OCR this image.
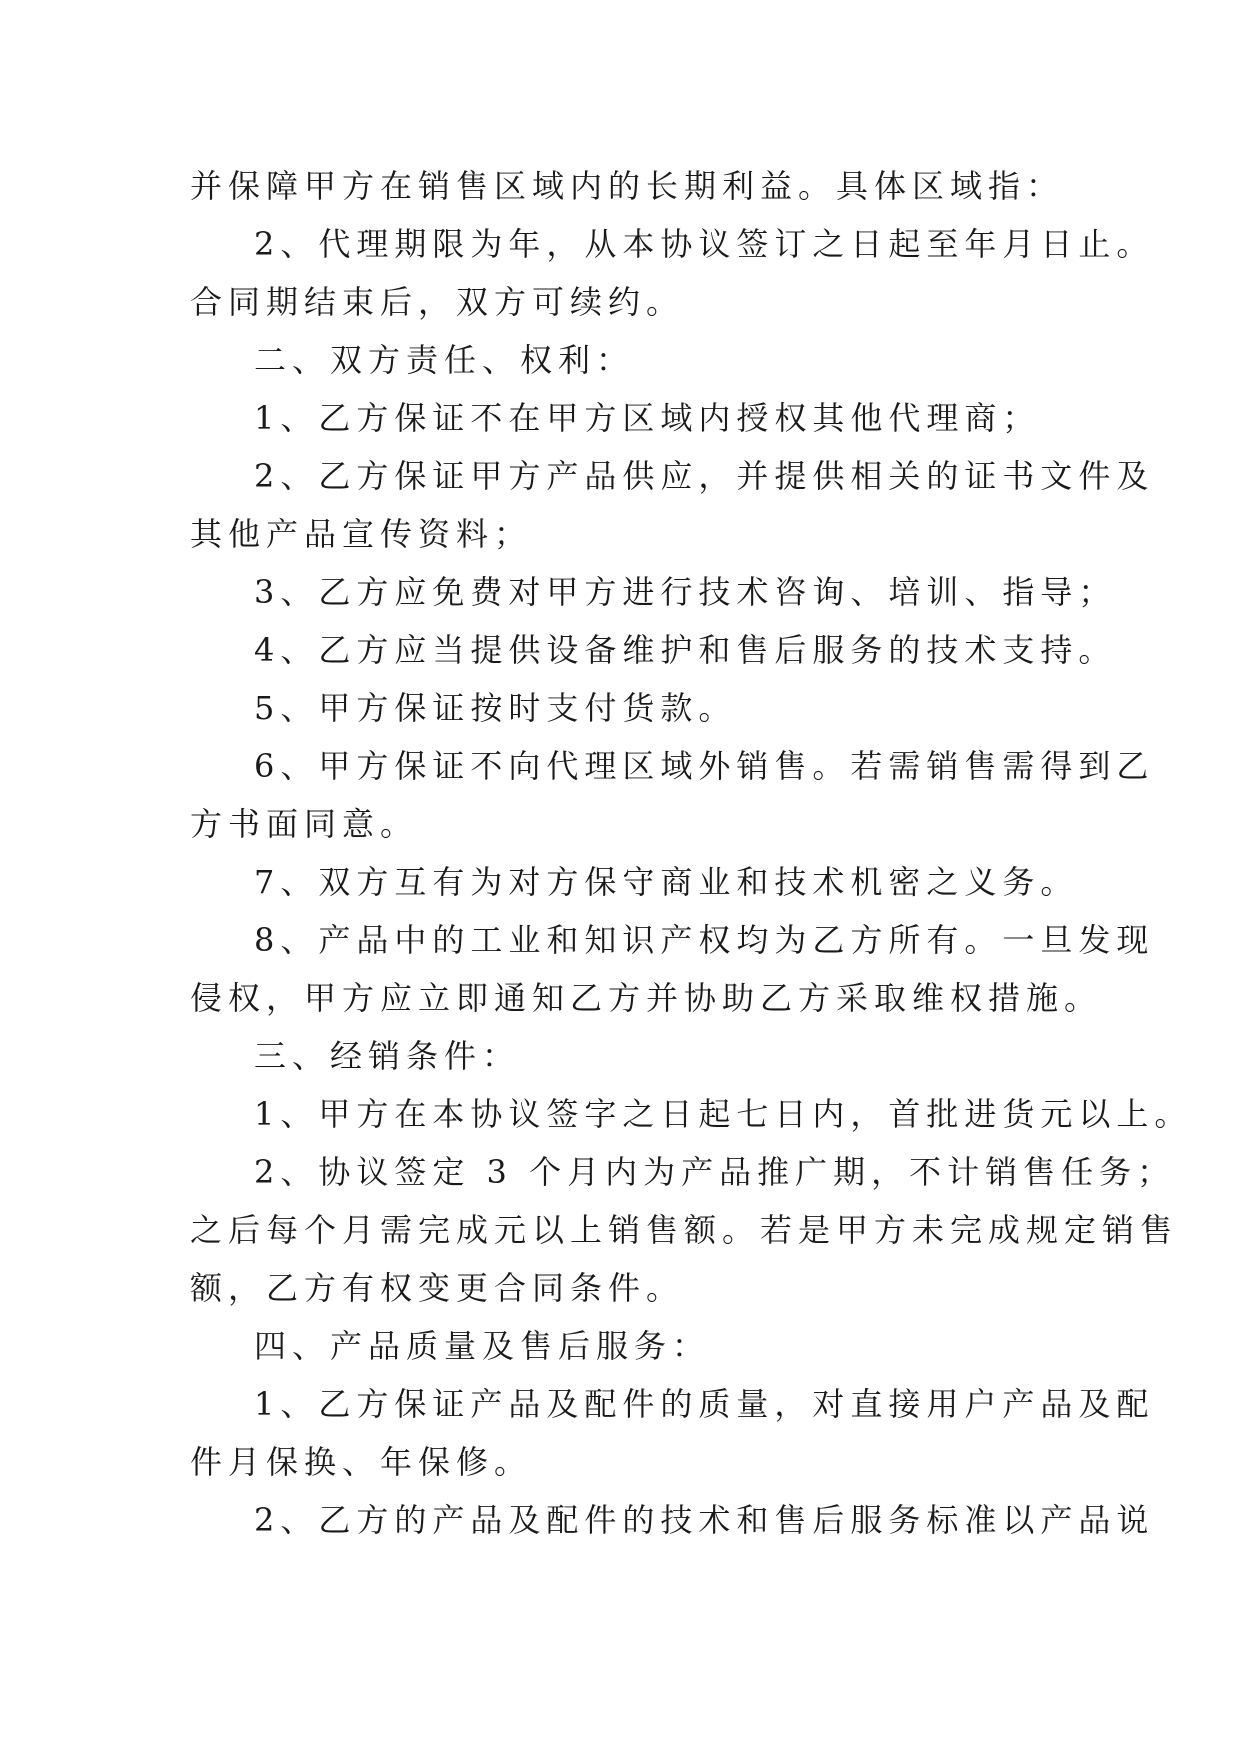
并保障甲方在销售区域内的长期利益。具体区域指：
2、代理期限为年，从本协议签订之日起至年月日止。
合同期结束后，双方可续约。
二、双方责任、权利：
1、乙方保证不在甲方区域内授权其他代理商；
2、乙方保证甲方产品供应，并提供相关的证书文件及
其他产品宣传资料；
3、乙方应免费对甲方进行技术咨询、培训、指导；
4、乙方应当提供设备维护和售后服务的技术支持。
5、甲方保证按时支付货款。
6、甲方保证不向代理区域外销售。若需销售需得到乙
方书面同意。
7、双方互有为对方保守商业和技术机密之义务。
8、产品中的工业和知识产权均为乙方所有。一旦发现
侵权，甲方应立即通知乙方并协助乙方采取维权措施。
三、经销条件：
1、甲方在本协议签字之日起七日内，首批进货元以上。
2、协议签定 3 个月内为产品推广期，不计销售任务；
之后每个月需完成元以上销售额。若是甲方未完成规定销售
额，乙方有权变更合同条件。
四、产品质量及售后服务：
1、乙方保证产品及配件的质量，对直接用户产品及配
件月保换、年保修。
2、乙方的产品及配件的技术和售后服务标准以产品说
